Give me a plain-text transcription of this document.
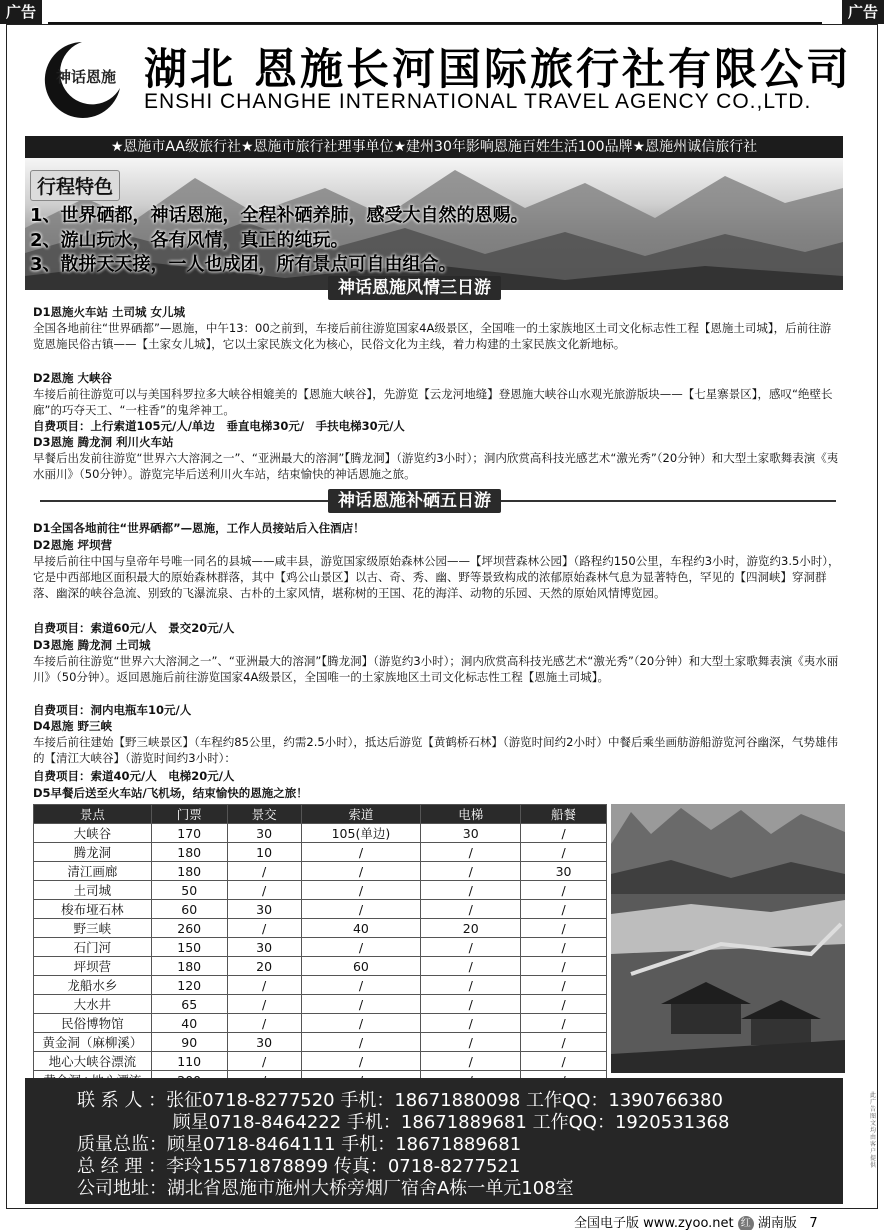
广告	广告
神话恩施 湖北 恩施长河国际旅行社有限公司
ENSHI CHANGHE INTERNATIONAL TRAVEL AGENCY CO.,LTD.
★恩施市AA级旅行社★恩施市旅行社理事单位★建州30年影响恩施百姓生活100品牌★恩施州诚信旅行社
行程特色
1、世界硒都，神话恩施，全程补硒养肺，感受大自然的恩赐。
2、游山玩水，各有风情，真正的纯玩。
3、散拼天天接，一人也成团，所有景点可自由组合。
神话恩施风情三日游
D1恩施火车站 土司城 女儿城
全国各地前往“世界硒都”—恩施，中午13：00之前到，车接后前往游览国家4A级景区，全国唯一的土家族地区土司文化标志性工程【恩施土司城】，后前往游览恩施民俗古镇——【土家女儿城】，它以土家民族文化为核心，民俗文化为主线，着力构建的土家民族文化新地标。
D2恩施 大峡谷
车接后前往游览可以与美国科罗拉多大峡谷相媲美的【恩施大峡谷】，先游览【云龙河地缝】登恩施大峡谷山水观光旅游版块——【七星寨景区】，感叹“绝壁长廊”的巧夺天工、“一柱香”的鬼斧神工。
自费项目：上行索道105元/人/单边　垂直电梯30元/　手扶电梯30元/人
D3恩施 腾龙洞 利川火车站
早餐后出发前往游览“世界六大溶洞之一”、“亚洲最大的溶洞”【腾龙洞】（游览约3小时）；洞内欣赏高科技光感艺术“激光秀”（20分钟）和大型土家歌舞表演《夷水丽川》（50分钟）。游览完毕后送利川火车站，结束愉快的神话恩施之旅。
神话恩施补硒五日游
D1全国各地前往“世界硒都”—恩施，工作人员接站后入住酒店！
D2恩施 坪坝营
早接后前往中国与皇帝年号唯一同名的县城——咸丰县，游览国家级原始森林公园——【坪坝营森林公园】（路程约150公里，车程约3小时，游览约3.5小时），它是中西部地区面积最大的原始森林群落，其中【鸡公山景区】以古、奇、秀、幽、野等景致构成的浓郁原始森林气息为显著特色，罕见的【四洞峡】穿洞群落、幽深的峡谷急流、别致的飞瀑流泉、古朴的土家风情，堪称树的王国、花的海洋、动物的乐园、天然的原始风情博览园。
自费项目：索道60元/人　景交20元/人
D3恩施 腾龙洞 土司城
车接后前往游览“世界六大溶洞之一”、“亚洲最大的溶洞”【腾龙洞】（游览约3小时）；洞内欣赏高科技光感艺术“激光秀”（20分钟）和大型土家歌舞表演《夷水丽川》（50分钟）。返回恩施后前往游览国家4A级景区，全国唯一的土家族地区土司文化标志性工程【恩施土司城】。
自费项目：洞内电瓶车10元/人
D4恩施 野三峡
车接后前往建始【野三峡景区】（车程约85公里，约需2.5小时），抵达后游览【黄鹤桥石林】（游览时间约2小时）中餐后乘坐画舫游船游览河谷幽深，气势雄伟的【清江大峡谷】（游览时间约3小时）：
自费项目：索道40元/人　电梯20元/人
D5早餐后送至火车站/飞机场，结束愉快的恩施之旅！
景点	门票	景交	索道	电梯	船餐
大峡谷	170	30	105(单边)	30	/
腾龙洞	180	10	/	/	/
清江画廊	180	/	/	/	30
土司城	50	/	/	/	/
梭布垭石林	60	30	/	/	/
野三峡	260	/	40	20	/
石门河	150	30	/	/	/
坪坝营	180	20	60	/	/
龙船水乡	120	/	/	/	/
大水井	65	/	/	/	/
民俗博物馆	40	/	/	/	/
黄金洞（麻柳溪）	90	30	/	/	/
地心大峡谷漂流	110	/	/	/	/

联 系 人 ：张征0718-8277520 手机：18671880098 工作QQ：1390766380
　　　　　 顾星0718-8464222 手机：18671889681 工作QQ：1920531368
质量总监：顾星0718-8464111 手机：18671889681
总 经 理 ：李玲15571878899 传真：0718-8277521
公司地址：湖北省恩施市施州大桥旁烟厂宿舍A栋一单元108室
此广告图文均由客户提供
全国电子版 www.zyoo.net 红 湖南版 7
